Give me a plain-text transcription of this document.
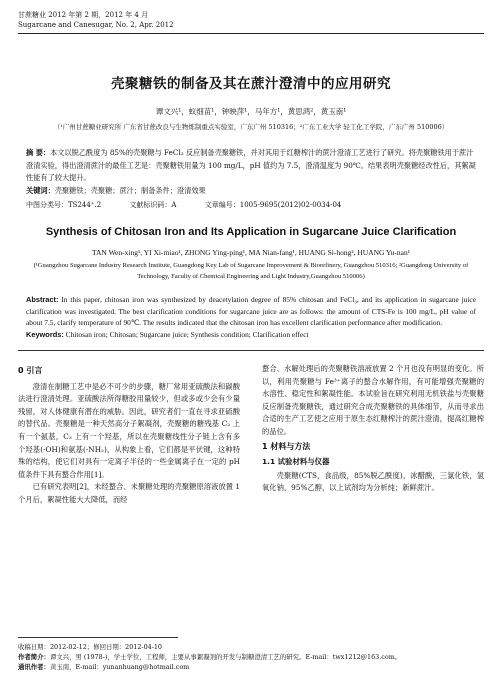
甘蔗糖业 2012 年第 2 期，2012 年 4 月
Sugarcane and Canesugar, No. 2, Apr. 2012
壳聚糖铁的制备及其在蔗汁澄清中的应用研究
谭文兴¹，蚁细苗¹，钟映萍¹，马年方¹，黄思鸿²，黄玉南¹
（¹广州甘蔗糖业研究所 广东省甘蔗改良与生物炼制重点实验室，广东广州 510316；²广东工业大学 轻工化工学院，广东广州 510006）
摘 要：本文以脱乙酰度为 85%的壳聚糖与 FeCl₃ 反应制备壳聚糖铁，并对其用于红糖榨汁的蔗汁澄清工艺进行了研究。将壳聚糖铁用于蔗汁澄清实验，得出澄清蔗汁的最佳工艺是：壳聚糖铁用量为 100 mg/L，pH 值约为 7.5，澄清温度为 90℃。结果表明壳聚糖经改性后，其絮凝性能有了较大提升。
关键词：壳聚糖铁；壳聚糖；蔗汁；制备条件；澄清效果
中图分类号：TS244⁺.2	文献标识码：A	文章编号：1005-9695(2012)02-0034-04
Synthesis of Chitosan Iron and Its Application in Sugarcane Juice Clarification
TAN Wen-xing¹, YI Xi-miao¹, ZHONG Ying-ping¹, MA Nian-fang¹, HUANG Si-hong², HUANG Yu-nan¹
(¹Guangzhou Sugarcane Industry Research Institute, Guangdong Key Lab of Sugarcane Improvement & Biorefinery, Guangzhou 510316; ²Guangdong University of Technology, Faculty of Chemical Engineering and Light Industry,Guangzhou 510006)
Abstract: In this paper, chitosan iron was synthesized by deacetylation degree of 85% chitosan and FeCl₃, and its application in sugarcane juice clarification was investigated. The best clarification conditions for sugarcane juice are as follows: the amount of CTS-Fe is 100 mg/L, pH value of about 7.5, clarify temperature of 90℃. The results indicated that the chitosan iron has excellent clarification performance after modification.
Keywords: Chitosan iron; Chitosan; Sugarcane juice; Synthesis condition; Clarification effect
0 引言

澄清在制糖工艺中是必不可少的步骤，糖厂常用亚硫酸法和碳酸法进行澄清处理。亚硫酸法所得糖胶用量较少，但或多或少会有少量残留，对人体健康有潜在的威胁。因此，研究者们一直在寻求亚硫酸的替代品。壳聚糖是一种天然高分子絮凝剂，壳聚糖的糖残基 C₂ 上有一个氨基，C₃ 上有一个羟基，所以在壳聚糖线性分子链上含有多个羟基(-OH)和氨基(-NH₂)，从构象上看，它们都是平伏键，这种特殊的结构，使它们对具有一定离子半径的一些金属离子在一定的 pH 值条件下具有螯合作用[1]。

已有研究表明[2]，未经螯合、未聚糖处理的壳聚糖原溶液放置 1 个月后，絮凝性能大大降低，而经

螯合、水解处理后的壳聚糖铁溶液放置 2 个月也没有明显的变化。所以，利用壳聚糖与 Fe³⁺离子的螯合水解作用，有可能增强壳聚糖的水溶性、稳定性和絮凝性能。本试验旨在研究利用无机铁盐与壳聚糖反应制备壳聚糖铁，通过研究合成壳聚糖铁的具体细节，从而寻求出合适的生产工艺使之应用于原生态红糖榨汁的蔗汁澄清，提高红糖榨的品位。

1 材料与方法
1.1 试验材料与仪器

壳聚糖(CTS，食品级，85%脱乙酰度)，冰醋酸，三氯化铁，氢氧化钠，95%乙醇，以上试剂均为分析纯；新鲜蔗汁。

收稿日期：2012-02-12；修回日期：2012-04-10
作者简介：谭文兴，男 (1978-)，学士学位，工程师，主要从事絮凝剂的开发与制糖澄清工艺的研究。E-mail：twx1212@163.com。
通讯作者：黄玉南，E-mail：yunanhuang@hotmail.com
